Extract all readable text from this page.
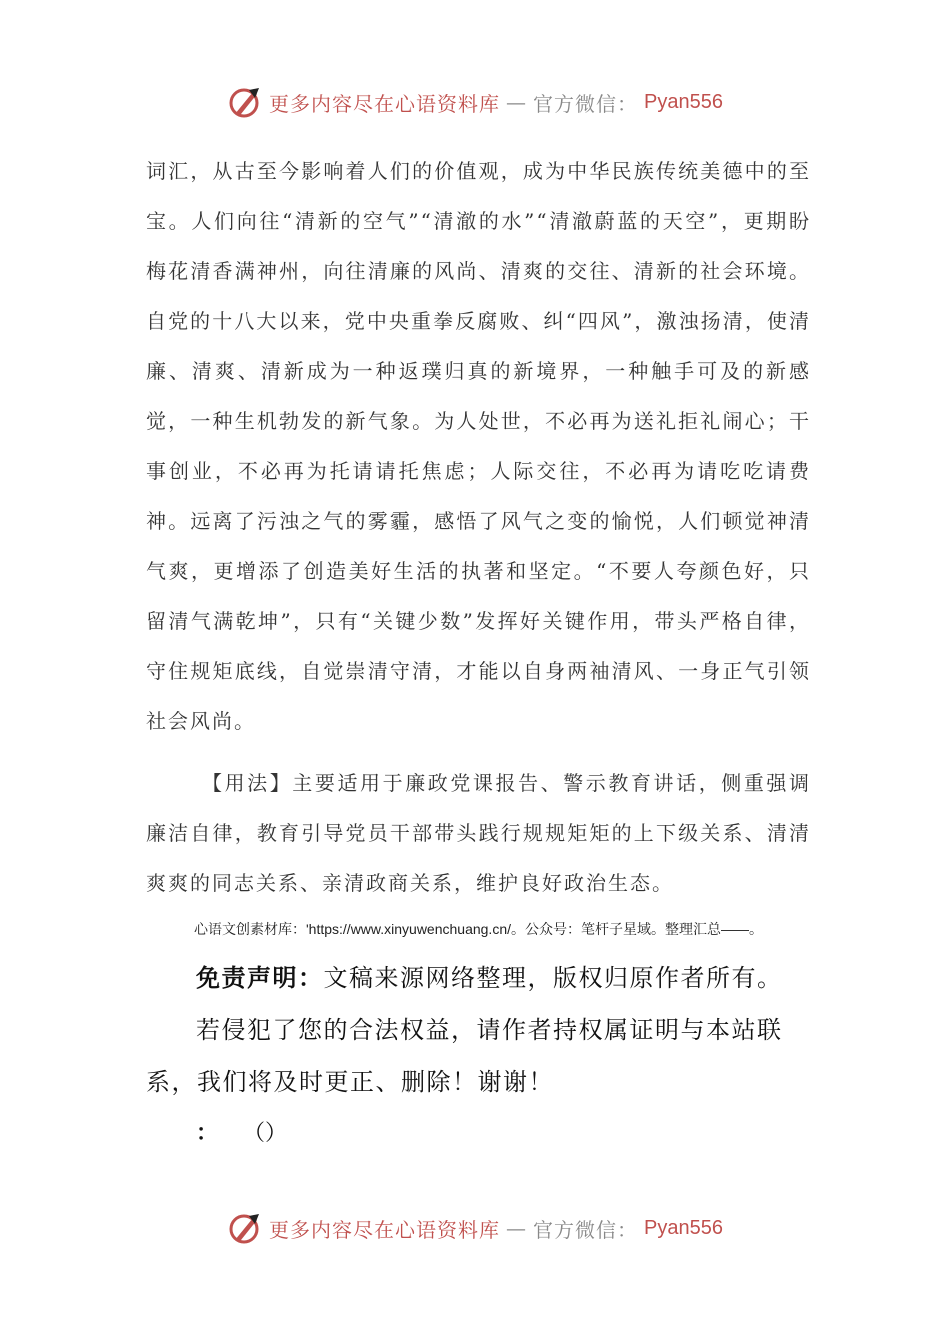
更多内容尽在心语资料库 — 官方微信： Pyan556

词汇，从古至今影响着人们的价值观，成为中华民族传统美德中的至宝。人们向往“清新的空气”“清澈的水”“清澈蔚蓝的天空”，更期盼梅花清香满神州，向往清廉的风尚、清爽的交往、清新的社会环境。自党的十八大以来，党中央重拳反腐败、纠“四风”，激浊扬清，使清廉、清爽、清新成为一种返璞归真的新境界，一种触手可及的新感觉，一种生机勃发的新气象。为人处世，不必再为送礼拒礼闹心；干事创业，不必再为托请请托焦虑；人际交往，不必再为请吃吃请费神。远离了污浊之气的雾霾，感悟了风气之变的愉悦，人们顿觉神清气爽，更增添了创造美好生活的执著和坚定。“不要人夸颜色好，只留清气满乾坤”，只有“关键少数”发挥好关键作用，带头严格自律，守住规矩底线，自觉崇清守清，才能以自身两袖清风、一身正气引领社会风尚。

【用法】主要适用于廉政党课报告、警示教育讲话，侧重强调廉洁自律，教育引导党员干部带头践行规规矩矩的上下级关系、清清爽爽的同志关系、亲清政商关系，维护良好政治生态。

心语文创素材库：'https://www.xinyuwenchuang.cn/。公众号：笔杆子星域。整理汇总——。

免责声明：文稿来源网络整理，版权归原作者所有。

若侵犯了您的合法权益，请作者持权属证明与本站联系，我们将及时更正、删除！谢谢！

： （）

更多内容尽在心语资料库 — 官方微信： Pyan556
